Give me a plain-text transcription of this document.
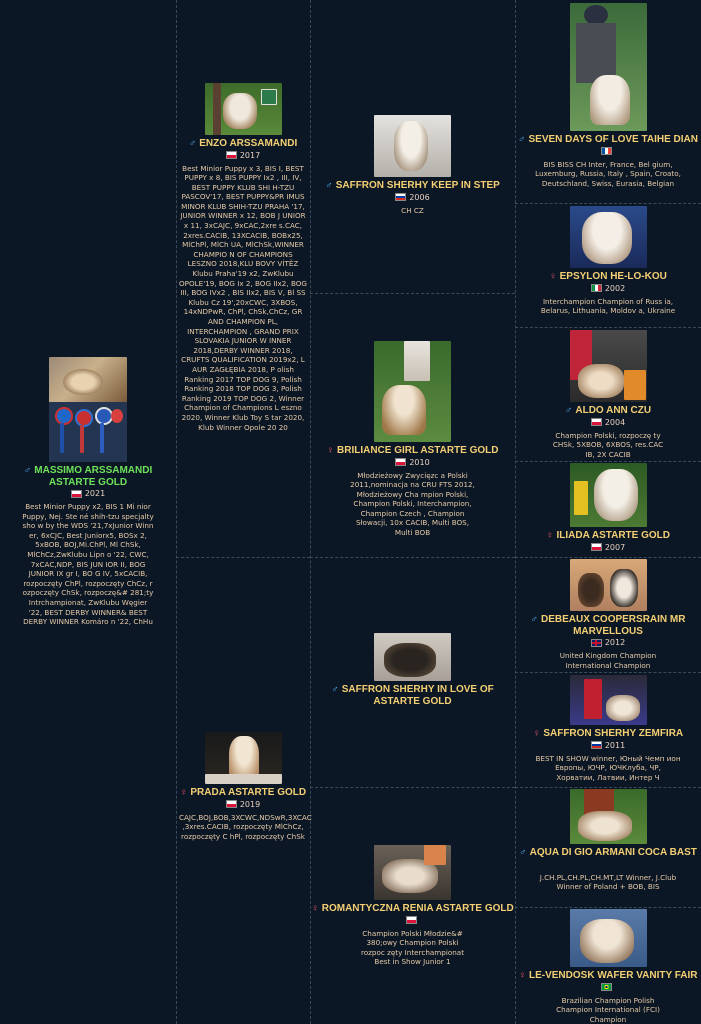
♂ MASSIMO ARSSAMANDI ASTARTE GOLD
2021
Best Minior Puppy x2, BIS 1 Mi nior Puppy, Nej. Ste né shih-tzu specjalty sho w by the WDS '21,7xJunior Winn er, 6xCJC, Best Juniorx5, BOSx 2, 5xBOB, BOJ,Mi.ChPl, Ml ChSk, MlChCz,ZwKlubu Lipn o '22, CWC, 7xCAC,NDP, BIS JUN IOR II, BOG JUNIOR IX gr I, BO G IV, 5xCACIB, rozpoczęty ChPl, rozpoczęty ChCz, r ozpoczęty ChSk, rozpoczę&# 281;ty Intrchampionat, ZwKlubu Węgier '22, BEST DERBY WINNER& BEST DERBY WINNER Komáro n '22, ChHu
♂ ENZO ARSSAMANDI
2017
Best Minior Puppy x 3, BIS I, BEST PUPPY x 8, BIS PUPPY Ix2 , III, IV, BEST PUPPY KLUB SHI H-TZU PASCOV'17, BEST PUPPY&PR IMUS MINOR KLUB SHIH-TZU PRAHA '17, JUNIOR WINNER x 12, BOB J UNIOR x 11, 3xCAJC, 9xCAC,2xre s.CAC, 2xres.CACIB, 13XCACIB, BOBx25, MlChPl, MlCh UA, MlChSk,WINNER CHAMPIO N OF CHAMPIONS LESZNO 2018,KLU BOVY VÍTĚZ Klubu Praha'19 x2, ZwKlubu OPOLE'19, BOG Ix 2, BOG IIx2, BOG III, BOG IVx2 , BIS IIx2, BIS V, Bl SS Klubu Cz 19',20xCWC, 3XBOS, 14xNDPwR, ChPl, ChSk,ChCz, GR AND CHAMPION PL, INTERCHAMPION , GRAND PRIX SLOVAKIA JUNIOR W INNER 2018,DERBY WINNER 2018, CRUFTS QUALIFICATION 2019x2, L AUR ZAGŁĘBIA 2018, P olish Ranking 2017 TOP DOG 9, Polish Ranking 2018 TOP DOG 3, Polish Ranking 2019 TOP DOG 2, Winner Champion of Champions L eszno 2020, Winner Klub Toy S tar 2020, Klub Winner Opole 20 20
♀ PRADA ASTARTE GOLD
2019
CAJC,BOJ,BOB,3XCWC,NDSwR,3XCAC ,3xres.CACIB, rozpoczęty MlChCz, rozpoczęty C hPl, rozpoczęty ChSk
♂ SAFFRON SHERHY KEEP IN STEP
2006
CH CZ
♀ BRILIANCE GIRL ASTARTE GOLD
2010
Młodzieżowy Zwycięzc a Polski 2011,nominacja na CRU FTS 2012, Młodzieżowy Cha mpion Polski, Champion Polski, Interchampion, Champion Czech , Champion Słowacji, 10x CACIB, Multi BOS, Multi BOB
♂ SAFFRON SHERHY IN LOVE OF ASTARTE GOLD
♀ ROMANTYCZNA RENIA ASTARTE GOLD
Champion Polski Młodzie&# 380;owy Champion Polski rozpoc zęty Interchampionat Best in Show Junior 1
♂ SEVEN DAYS OF LOVE TAIHE DIAN
BIS BISS CH Inter, France, Bel gium, Luxemburg, Russia, Italy , Spain, Croato, Deutschland, Swiss, Eurasia, Belgian
♀ EPSYLON HE-LO-KOU
2002
Interchampion Champion of Russ ia, Belarus, Lithuania, Moldov a, Ukraine
♂ ALDO ANN CZU
2004
Champion Polski, rozpoczę ty CHSk, 5XBOB, 6XBOS, res.CAC IB, 2X CACIB
♀ ILIADA ASTARTE GOLD
2007
♂ DEBEAUX COOPERSRAIN MR MARVELLOUS
2012
United Kingdom Champion International Champion
♀ SAFFRON SHERHY ZEMFIRA
2011
BEST IN SHOW winner, Юный Чемп ион Европы, ЮЧР, ЮЧКлуба, ЧР, Хорватии, Латвии, Интер Ч
♂ AQUA DI GIO ARMANI COCA BAST
J.CH.PL,CH.PL,CH.MT,LT Winner, J.Club Winner of Poland + BOB, BIS
♀ LE-VENDOSK WAFER VANITY FAIR
Brazilian Champion Polish Champion International (FCI) Champion
